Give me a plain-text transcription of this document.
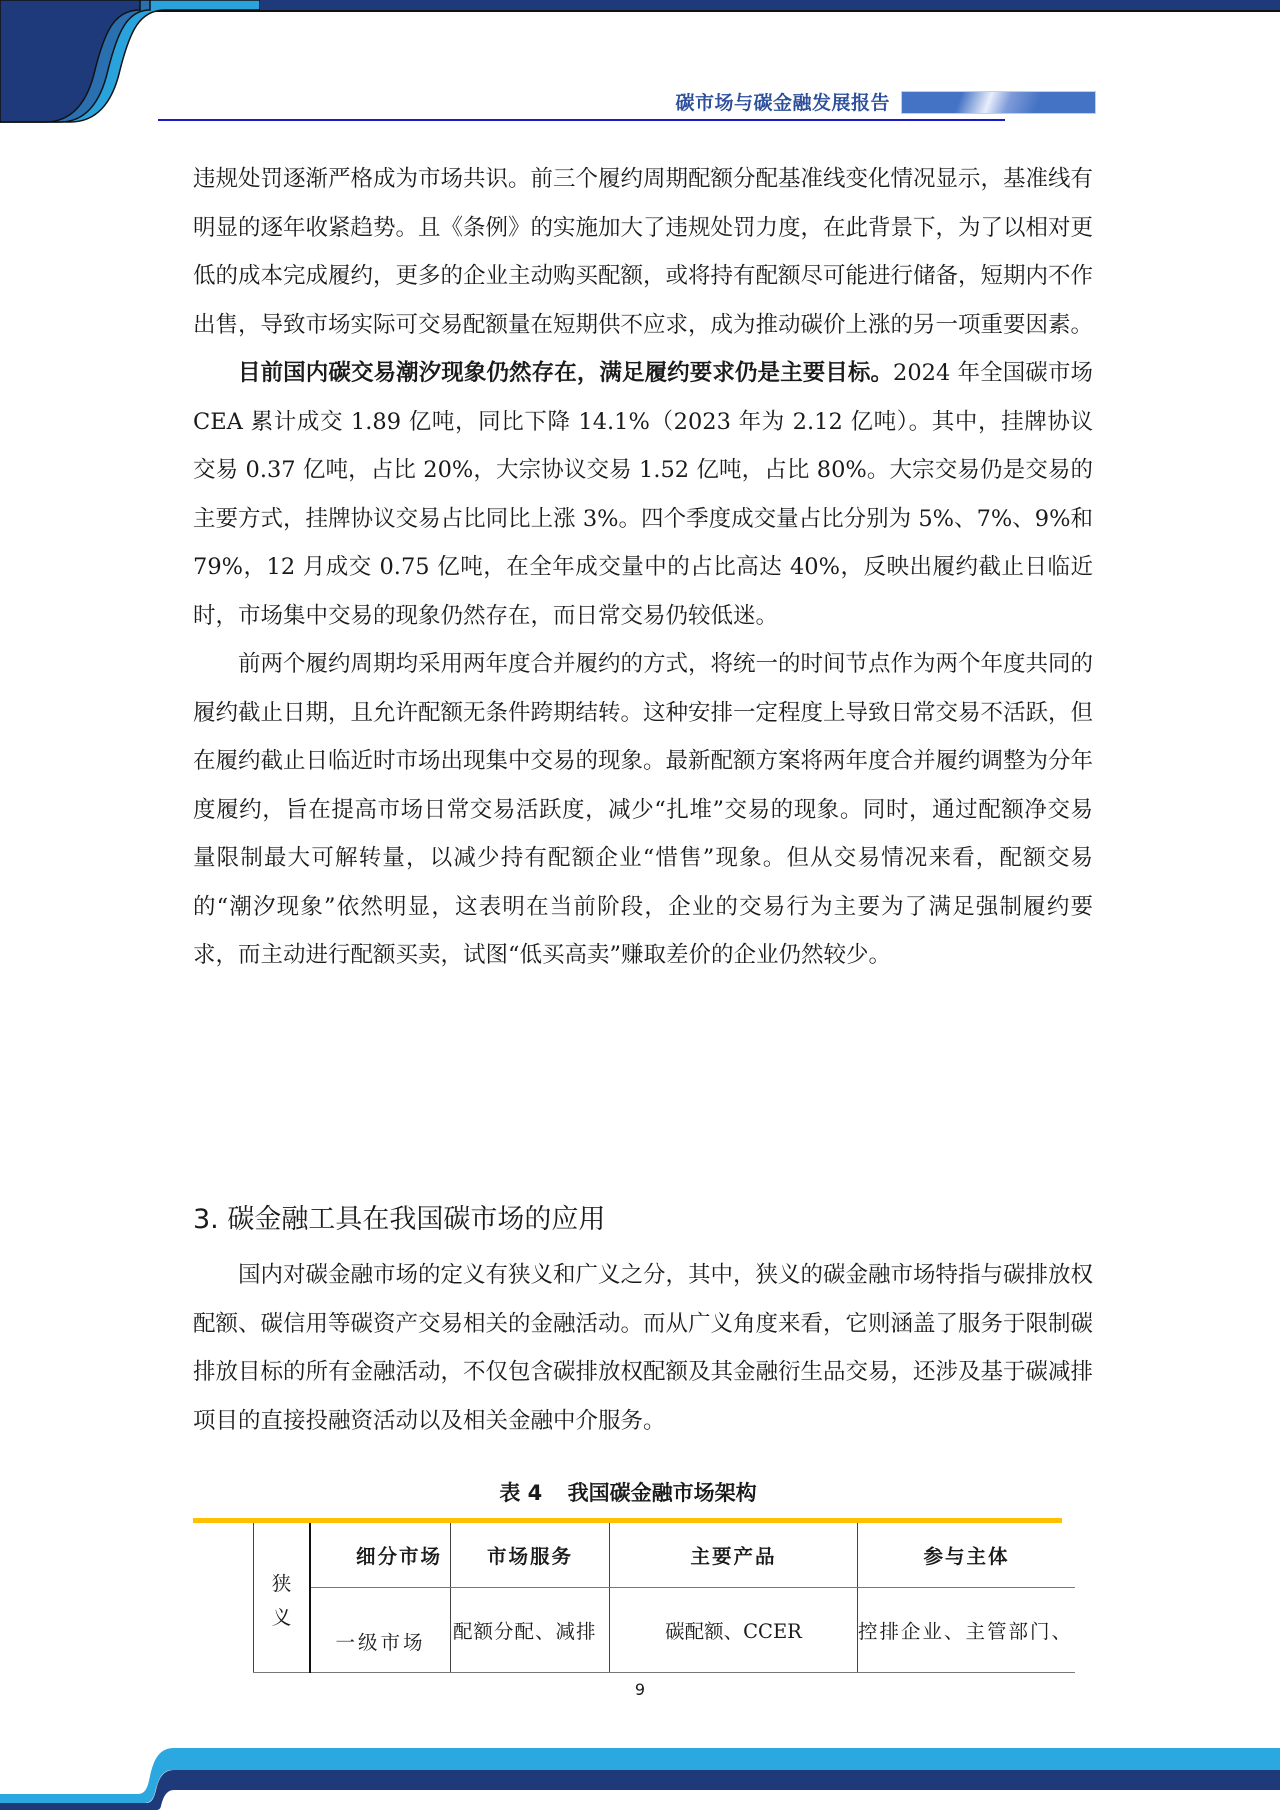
碳市场与碳金融发展报告

违规处罚逐渐严格成为市场共识。前三个履约周期配额分配基准线变化情况显示，基准线有明显的逐年收紧趋势。且《条例》的实施加大了违规处罚力度，在此背景下，为了以相对更低的成本完成履约，更多的企业主动购买配额，或将持有配额尽可能进行储备，短期内不作出售，导致市场实际可交易配额量在短期供不应求，成为推动碳价上涨的另一项重要因素。

目前国内碳交易潮汐现象仍然存在，满足履约要求仍是主要目标。2024 年全国碳市场 CEA 累计成交 1.89 亿吨，同比下降 14.1%（2023 年为 2.12 亿吨）。其中，挂牌协议交易 0.37 亿吨，占比 20%，大宗协议交易 1.52 亿吨，占比 80%。大宗交易仍是交易的主要方式，挂牌协议交易占比同比上涨 3%。四个季度成交量占比分别为 5%、7%、9%和 79%，12 月成交 0.75 亿吨，在全年成交量中的占比高达 40%，反映出履约截止日临近时，市场集中交易的现象仍然存在，而日常交易仍较低迷。

前两个履约周期均采用两年度合并履约的方式，将统一的时间节点作为两个年度共同的履约截止日期，且允许配额无条件跨期结转。这种安排一定程度上导致日常交易不活跃，但在履约截止日临近时市场出现集中交易的现象。最新配额方案将两年度合并履约调整为分年度履约，旨在提高市场日常交易活跃度，减少“扎堆”交易的现象。同时，通过配额净交易量限制最大可解转量，以减少持有配额企业“惜售”现象。但从交易情况来看，配额交易的“潮汐现象”依然明显，这表明在当前阶段，企业的交易行为主要为了满足强制履约要求，而主动进行配额买卖，试图“低买高卖”赚取差价的企业仍然较少。

3. 碳金融工具在我国碳市场的应用

国内对碳金融市场的定义有狭义和广义之分，其中，狭义的碳金融市场特指与碳排放权配额、碳信用等碳资产交易相关的金融活动。而从广义角度来看，它则涵盖了服务于限制碳排放目标的所有金融活动，不仅包含碳排放权配额及其金融衍生品交易，还涉及基于碳减排项目的直接投融资活动以及相关金融中介服务。

表 4 我国碳金融市场架构
狭义	细分市场	市场服务	主要产品	参与主体
	一级市场	配额分配、减排	碳配额、CCER	控排企业、主管部门、
9
